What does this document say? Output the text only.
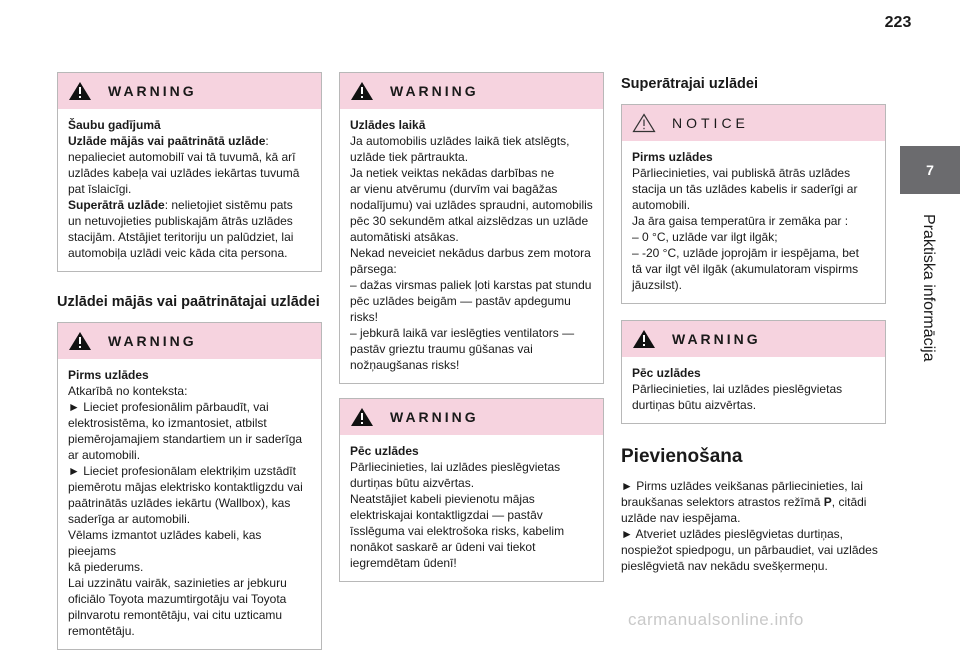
223
7
Praktiska informācija
WARNING

Šaubu gadījumā

Uzlāde mājās vai paātrinātā uzlāde:

nepalieciet automobilī vai tā tuvumā, kā arī

uzlādes kabeļa vai uzlādes iekārtas tuvumā

pat īslaicīgi.

Superātrā uzlāde: nelietojiet sistēmu pats

un netuvojieties publiskajām ātrās uzlādes

stacijām. Atstājiet teritoriju un palūdziet, lai

automobiļa uzlādi veic kāda cita persona.

Uzlādei mājās vai paātrinātajai uzlādei
WARNING

Pirms uzlādes

Atkarībā no konteksta:

► Lieciet profesionālim pārbaudīt, vai

elektrosistēma, ko izmantosiet, atbilst

piemērojamajiem standartiem un ir saderīga

ar automobili.

► Lieciet profesionālam elektriķim uzstādīt

piemērotu mājas elektrisko kontaktligzdu vai

paātrinātās uzlādes iekārtu (Wallbox), kas

saderīga ar automobili.

Vēlams izmantot uzlādes kabeli, kas pieejams

kā piederums.

Lai uzzinātu vairāk, sazinieties ar jebkuru

oficiālo Toyota mazumtirgotāju vai Toyota

pilnvarotu remontētāju, vai citu uzticamu

remontētāju.

WARNING

Uzlādes laikā

Ja automobilis uzlādes laikā tiek atslēgts,

uzlāde tiek pārtraukta.

Ja netiek veiktas nekādas darbības ne

ar vienu atvērumu (durvīm vai bagāžas

nodalījumu) vai uzlādes spraudni, automobilis

pēc 30 sekundēm atkal aizslēdzas un uzlāde

automātiski atsākas.

Nekad neveiciet nekādus darbus zem motora

pārsega:

– dažas virsmas paliek ļoti karstas pat stundu

pēc uzlādes beigām — pastāv apdegumu

risks!

– jebkurā laikā var ieslēgties ventilators —

pastāv grieztu traumu gūšanas vai

nožņaugšanas risks!

WARNING

Pēc uzlādes

Pārliecinieties, lai uzlādes pieslēgvietas

durtiņas būtu aizvērtas.

Neatstājiet kabeli pievienotu mājas

elektriskajai kontaktligzdai — pastāv

īsslēguma vai elektrošoka risks, kabelim

nonākot saskarē ar ūdeni vai tiekot

iegremdētam ūdenī!

Superātrajai uzlādei
NOTICE

Pirms uzlādes

Pārliecinieties, vai publiskā ātrās uzlādes

stacija un tās uzlādes kabelis ir saderīgi ar

automobili.

Ja āra gaisa temperatūra ir zemāka par :

– 0 °C, uzlāde var ilgt ilgāk;

– -20 °C, uzlāde joprojām ir iespējama, bet

tā var ilgt vēl ilgāk (akumulatoram vispirms

jāuzsilst).

WARNING

Pēc uzlādes

Pārliecinieties, lai uzlādes pieslēgvietas

durtiņas būtu aizvērtas.

Pievienošana

► Pirms uzlādes veikšanas pārliecinieties, lai

braukšanas selektors atrastos režīmā P, citādi

uzlāde nav iespējama.

► Atveriet uzlādes pieslēgvietas durtiņas,

nospiežot spiedpogu, un pārbaudiet, vai uzlādes

pieslēgvietā nav nekādu svešķermeņu.

carmanualsonline.info
